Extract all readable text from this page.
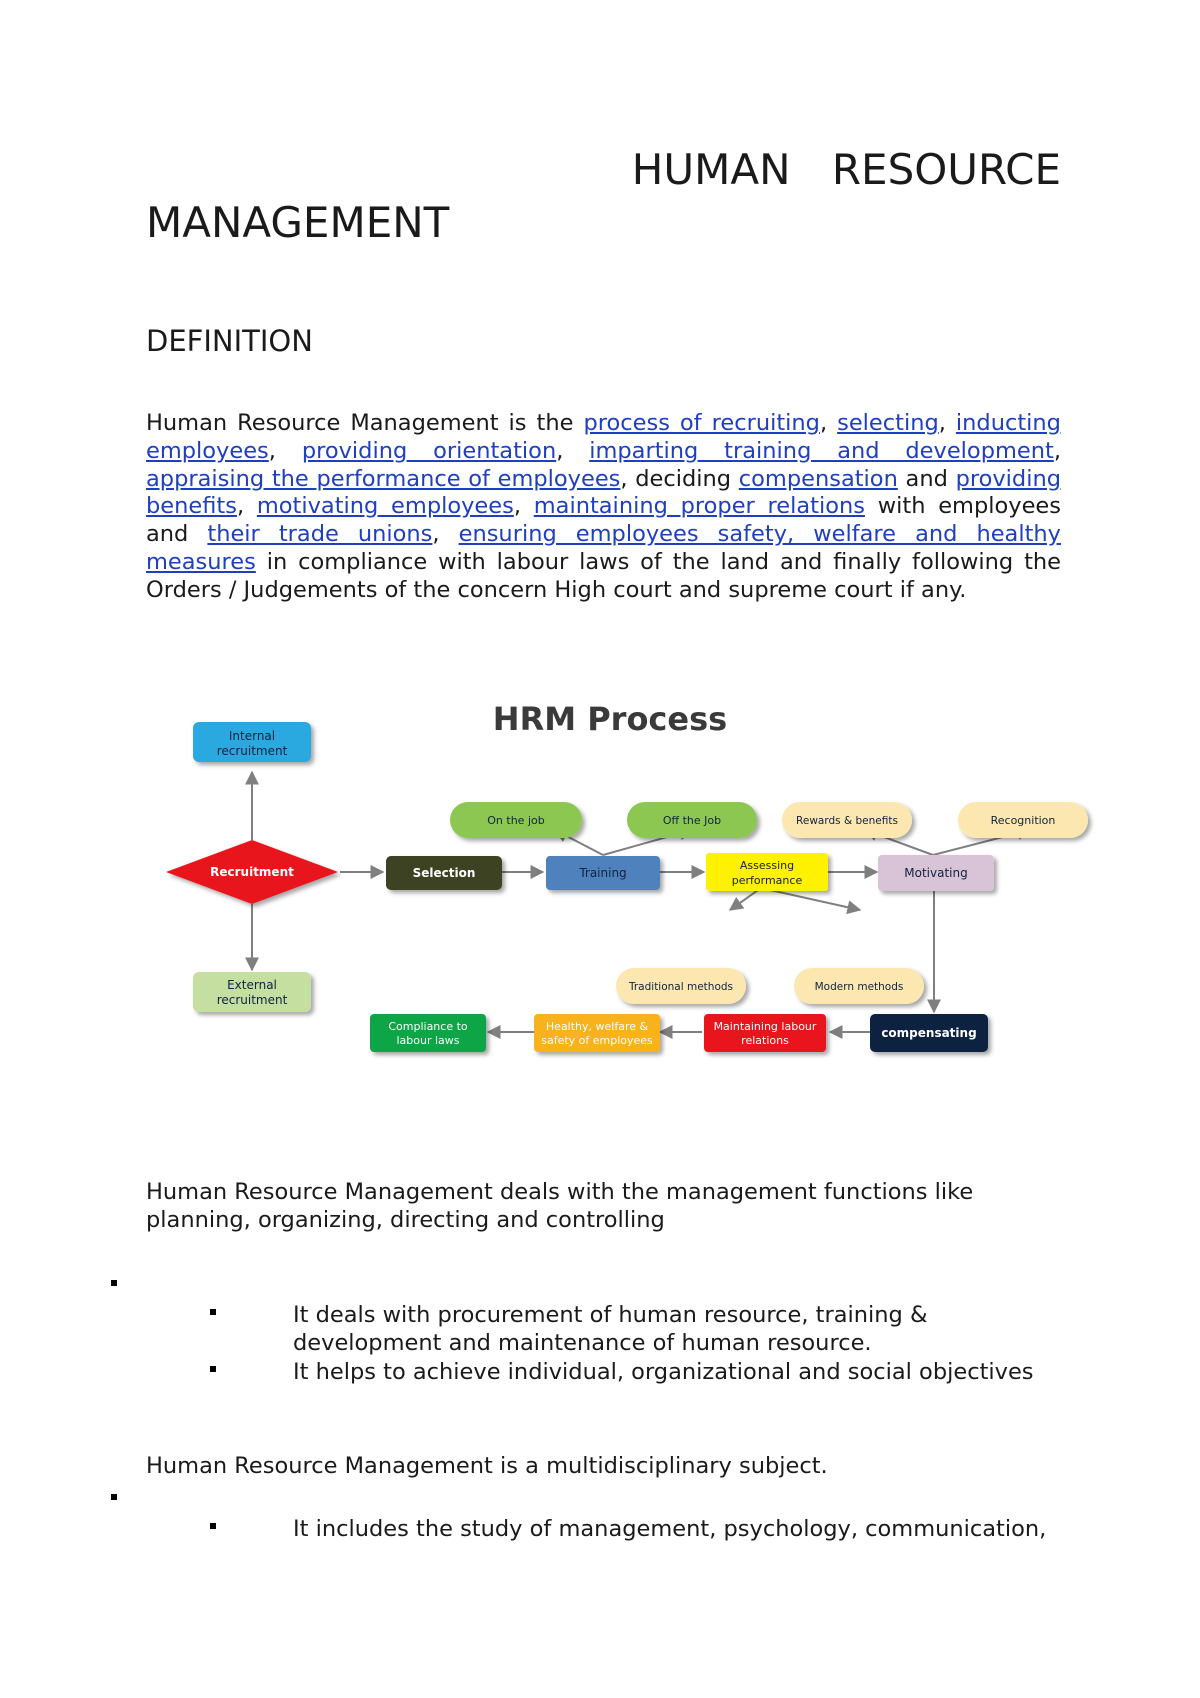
HUMAN RESOURCE
MANAGEMENT
DEFINITION
Human Resource Management is the process of recruiting, selecting, inducting employees, providing orientation, imparting training and development, appraising the performance of employees, deciding compensation and providing benefits, motivating employees, maintaining proper relations with employees and their trade unions, ensuring employees safety, welfare and healthy measures in compliance with labour laws of the land and finally following the Orders / Judgements of the concern High court and supreme court if any.
HRM Process
Internal
recruitment
Recruitment
External
recruitment
Selection	Training
On the job	Off the Job
Assessing
performance
Traditional methods	Modern methods
Motivating
Rewards & benefits	Recognition
compensating
Maintaining labour
relations
Healthy, welfare &
safety of employees
Compliance to
labour laws
Human Resource Management deals with the management functions like planning, organizing, directing and controlling
It deals with procurement of human resource, training & development and maintenance of human resource.
It helps to achieve individual, organizational and social objectives
Human Resource Management is a multidisciplinary subject.
It includes the study of management, psychology, communication,
